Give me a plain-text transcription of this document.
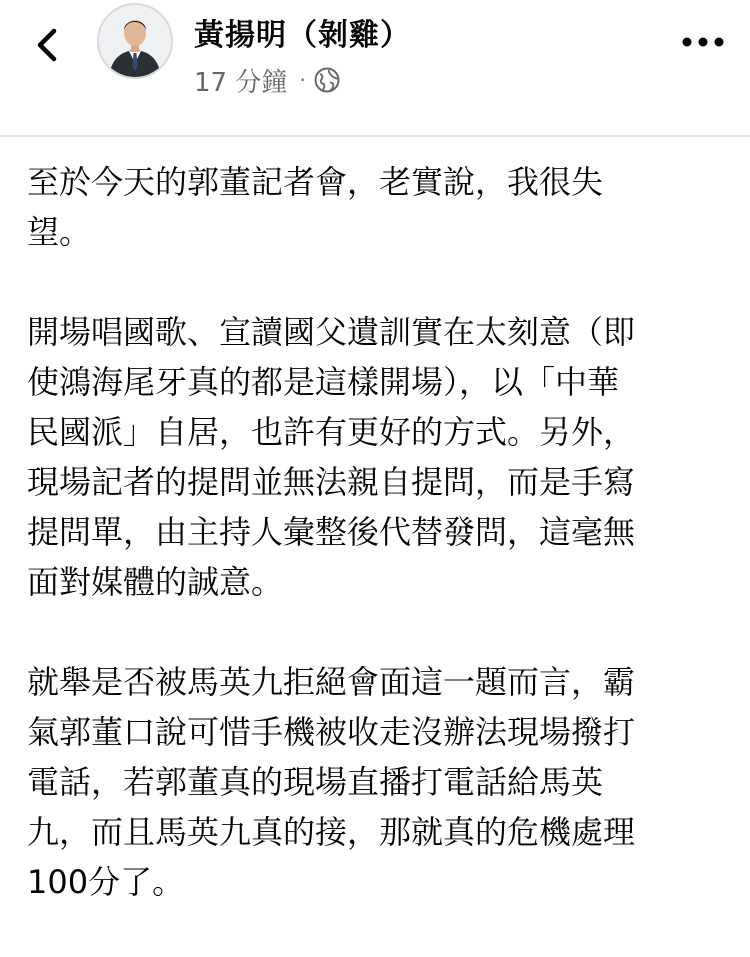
黃揚明（剝雞）
17 分鐘 ·

至於今天的郭董記者會，老實說，我很失
望。

開場唱國歌、宣讀國父遺訓實在太刻意（即
使鴻海尾牙真的都是這樣開場），以「中華
民國派」自居，也許有更好的方式。另外，
現場記者的提問並無法親自提問，而是手寫
提問單，由主持人彙整後代替發問，這毫無
面對媒體的誠意。

就舉是否被馬英九拒絕會面這一題而言，霸
氣郭董口說可惜手機被收走沒辦法現場撥打
電話，若郭董真的現場直播打電話給馬英
九，而且馬英九真的接，那就真的危機處理
100分了。
